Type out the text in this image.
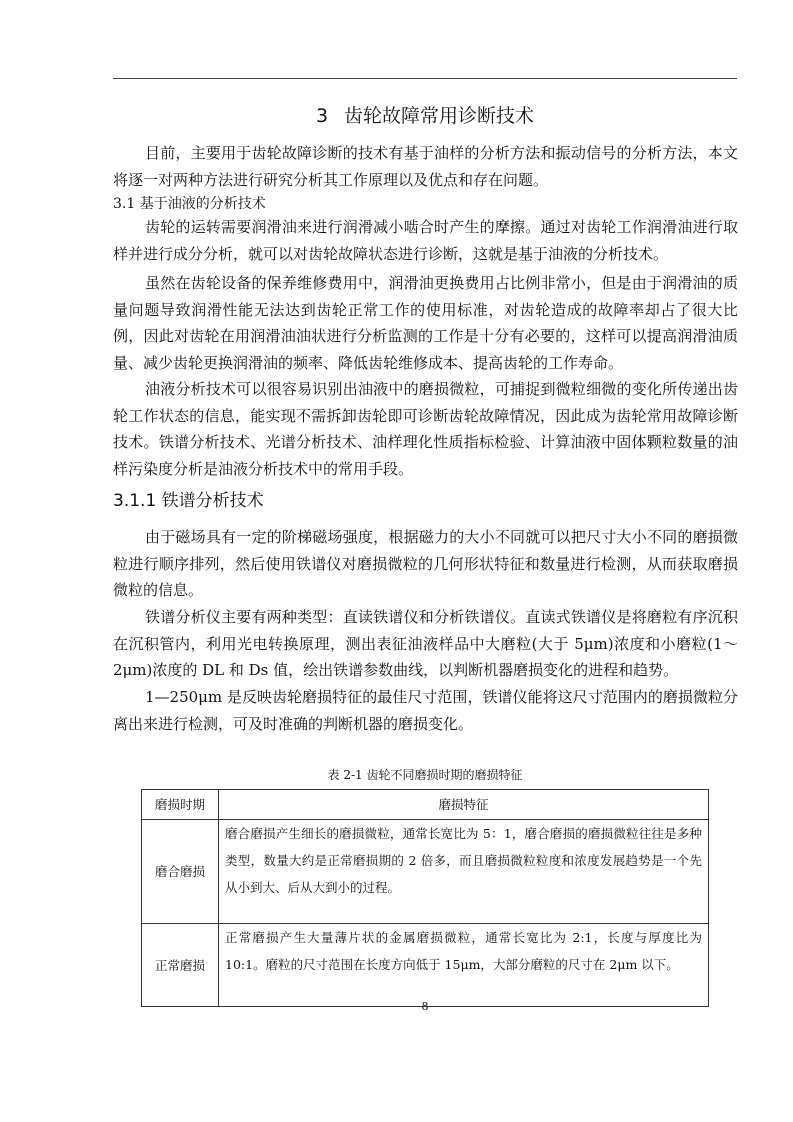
3 齿轮故障常用诊断技术

目前，主要用于齿轮故障诊断的技术有基于油样的分析方法和振动信号的分析方法，本文将逐一对两种方法进行研究分析其工作原理以及优点和存在问题。

3.1 基于油液的分析技术

齿轮的运转需要润滑油来进行润滑减小啮合时产生的摩擦。通过对齿轮工作润滑油进行取样并进行成分分析，就可以对齿轮故障状态进行诊断，这就是基于油液的分析技术。

虽然在齿轮设备的保养维修费用中，润滑油更换费用占比例非常小，但是由于润滑油的质量问题导致润滑性能无法达到齿轮正常工作的使用标准，对齿轮造成的故障率却占了很大比例，因此对齿轮在用润滑油油状进行分析监测的工作是十分有必要的，这样可以提高润滑油质量、减少齿轮更换润滑油的频率、降低齿轮维修成本、提高齿轮的工作寿命。

油液分析技术可以很容易识别出油液中的磨损微粒，可捕捉到微粒细微的变化所传递出齿轮工作状态的信息，能实现不需拆卸齿轮即可诊断齿轮故障情况，因此成为齿轮常用故障诊断技术。铁谱分析技术、光谱分析技术、油样理化性质指标检验、计算油液中固体颗粒数量的油样污染度分析是油液分析技术中的常用手段。

3.1.1 铁谱分析技术

由于磁场具有一定的阶梯磁场强度，根据磁力的大小不同就可以把尺寸大小不同的磨损微粒进行顺序排列，然后使用铁谱仪对磨损微粒的几何形状特征和数量进行检测，从而获取磨损微粒的信息。

铁谱分析仪主要有两种类型：直读铁谱仪和分析铁谱仪。直读式铁谱仪是将磨粒有序沉积在沉积管内，利用光电转换原理，测出表征油液样品中大磨粒(大于 5μm)浓度和小磨粒(1～2μm)浓度的 DL 和 Ds 值，绘出铁谱参数曲线，以判断机器磨损变化的进程和趋势。

1—250μm 是反映齿轮磨损特征的最佳尺寸范围，铁谱仪能将这尺寸范围内的磨损微粒分离出来进行检测，可及时准确的判断机器的磨损变化。

表 2-1 齿轮不同磨损时期的磨损特征
磨损时期	磨损特征
磨合磨损	磨合磨损产生细长的磨损微粒，通常长宽比为 5：1，磨合磨损的磨损微粒往往是多种类型，数量大约是正常磨损期的 2 倍多，而且磨损微粒粒度和浓度发展趋势是一个先从小到大、后从大到小的过程。
正常磨损	正常磨损产生大量薄片状的金属磨损微粒，通常长宽比为 2:1，长度与厚度比为 10:1。磨粒的尺寸范围在长度方向低于 15μm，大部分磨粒的尺寸在 2μm 以下。
8
